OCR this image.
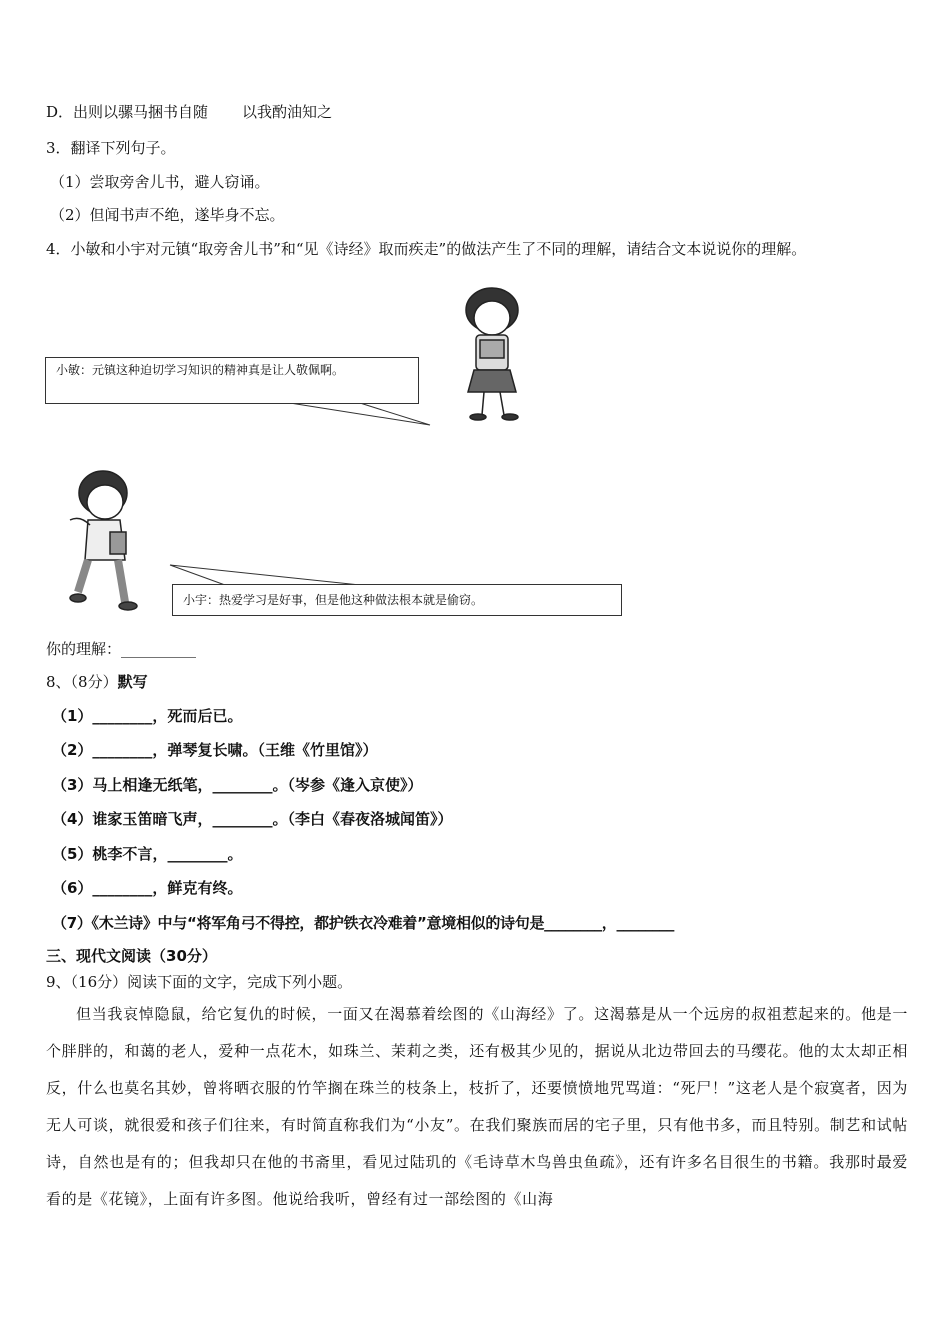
D．出则以骡马捆书自随 以我酌油知之
3．翻译下列句子。
（1）尝取旁舍儿书，避人窃诵。
（2）但闻书声不绝，遂毕身不忘。
4．小敏和小宇对元镇“取旁舍儿书”和“见《诗经》取而疾走”的做法产生了不同的理解，请结合文本说说你的理解。
小敏：元镇这种迫切学习知识的精神真是让人敬佩啊。
小宇：热爱学习是好事，但是他这种做法根本就是偷窃。
你的理解：__________
8、（8分）默写
（1）________，死而后已。
（2）________，弹琴复长啸。（王维《竹里馆》）
（3）马上相逢无纸笔，________。（岑参《逢入京使》）
（4）谁家玉笛暗飞声，________。（李白《春夜洛城闻笛》）
（5）桃李不言，________。
（6）________，鲜克有终。
（7）《木兰诗》中与“将军角弓不得控，都护铁衣冷难着”意境相似的诗句是________，________
三、现代文阅读（30分）
9、（16分）阅读下面的文字，完成下列小题。
但当我哀悼隐鼠，给它复仇的时候，一面又在渴慕着绘图的《山海经》了。这渴慕是从一个远房的叔祖惹起来的。他是一个胖胖的，和蔼的老人，爱种一点花木，如珠兰、茉莉之类，还有极其少见的，据说从北边带回去的马缨花。他的太太却正相反，什么也莫名其妙，曾将晒衣服的竹竿搁在珠兰的枝条上，枝折了，还要愤愤地咒骂道：“死尸！”这老人是个寂寞者，因为无人可谈，就很爱和孩子们往来，有时简直称我们为“小友”。在我们聚族而居的宅子里，只有他书多，而且特别。制艺和试帖诗，自然也是有的；但我却只在他的书斋里，看见过陆玑的《毛诗草木鸟兽虫鱼疏》，还有许多名目很生的书籍。我那时最爱看的是《花镜》，上面有许多图。他说给我听，曾经有过一部绘图的《山海
